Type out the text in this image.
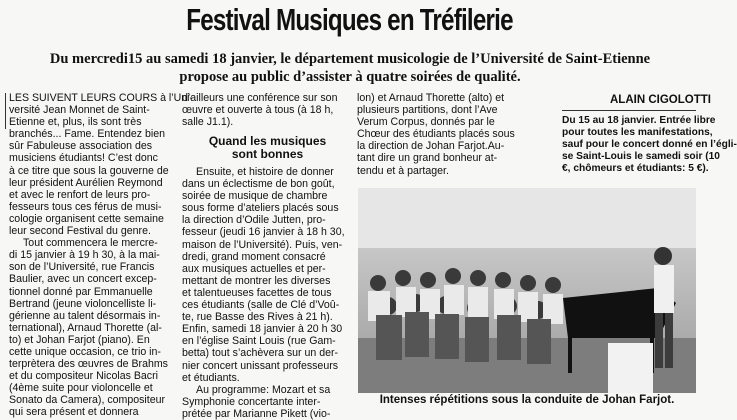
Festival Musiques en Tréfilerie
Du mercredi15 au samedi 18 janvier, le département musicologie de l’Université de Saint-Etienne
propose au public d’assister à quatre soirées de qualité.
LES SUIVENT LEURS COURS à l’Uni-
versité Jean Monnet de Saint-
Etienne et, plus, ils sont très
branchés... Fame. Entendez bien
sûr Fabuleuse association des
musiciens étudiants! C’est donc
à ce titre que sous la gouverne de
leur président Aurélien Reymond
et avec le renfort de leurs pro-
fesseurs tous ces férus de musi-
cologie organisent cette semaine
leur second Festival du genre.
Tout commencera le mercre-
di 15 janvier à 19 h 30, à la mai-
son de l’Université, rue Francis
Baulier, avec un concert excep-
tionnel donné par Emmanuelle
Bertrand (jeune violoncelliste li-
gérienne au talent désormais in-
ternational), Arnaud Thorette (al-
to) et Johan Farjot (piano). En
cette unique occasion, ce trio in-
terprètera des œuvres de Brahms
et du compositeur Nicolas Bacri
(4ème suite pour violoncelle et
Sonato da Camera), compositeur
qui sera présent et donnera
d’ailleurs une conférence sur son
œuvre et ouverte à tous (à 18 h,
salle J1.1).
Quand les musiques
sont bonnes
Ensuite, et histoire de donner
dans un éclectisme de bon goût,
soirée de musique de chambre
sous forme d’ateliers placés sous
la direction d’Odile Jutten, pro-
fesseur (jeudi 16 janvier à 18 h 30,
maison de l’Université). Puis, ven-
dredi, grand moment consacré
aux musiques actuelles et per-
mettant de montrer les diverses
et talentueuses facettes de tous
ces étudiants (salle de Clé d’Voû-
te, rue Basse des Rives à 21 h).
Enfin, samedi 18 janvier à 20 h 30
en l’église Saint Louis (rue Gam-
betta) tout s’achèvera sur un der-
nier concert unissant professeurs
et étudiants.
Au programme: Mozart et sa
Symphonie concertante inter-
prétée par Marianne Pikett (vio-
lon) et Arnaud Thorette (alto) et
plusieurs partitions, dont l’Ave
Verum Corpus, donnés par le
Chœur des étudiants placés sous
la direction de Johan Farjot.Au-
tant dire un grand bonheur at-
tendu et à partager.
ALAIN CIGOLOTTI
Du 15 au 18 janvier. Entrée libre
pour toutes les manifestations,
sauf pour le concert donné en l’égli-
se Saint-Louis le samedi soir (10
€, chômeurs et étudiants: 5 €).
Intenses répétitions sous la conduite de Johan Farjot.
